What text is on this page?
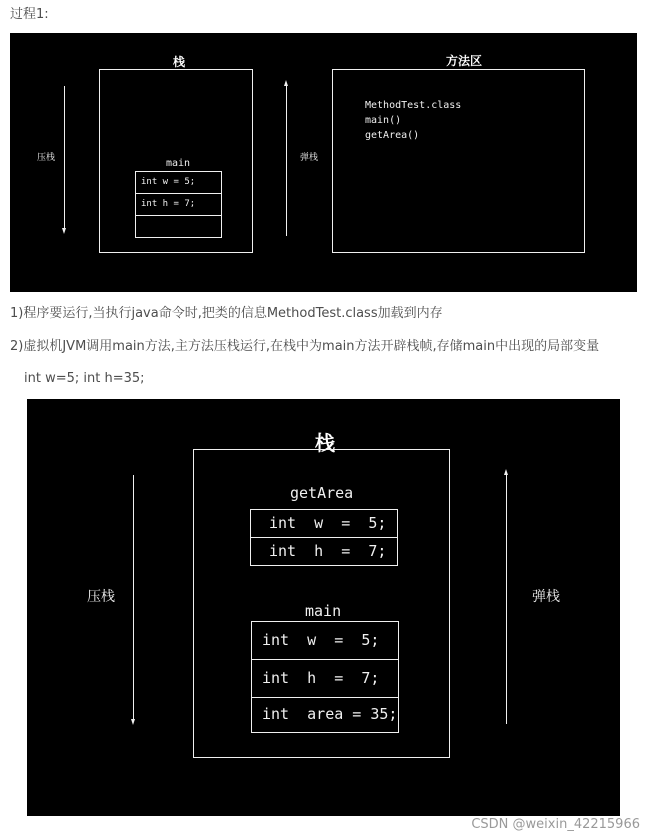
过程1:
栈	方法区
压栈	main
int w = 5;
int h = 7;
弹栈
MethodTest.class
main()
getArea()
1)程序要运行,当执行java命令时,把类的信息MethodTest.class加载到内存
2)虚拟机JVM调用main方法,主方法压栈运行,在栈中为main方法开辟栈帧,存储main中出现的局部变量
int w=5; int h=35;
栈
压栈
getArea
int  w  =  5;
int  h  =  7;
main
int  w  =  5;
int  h  =  7;
int  area = 35;
弹栈
CSDN @weixin_42215966
